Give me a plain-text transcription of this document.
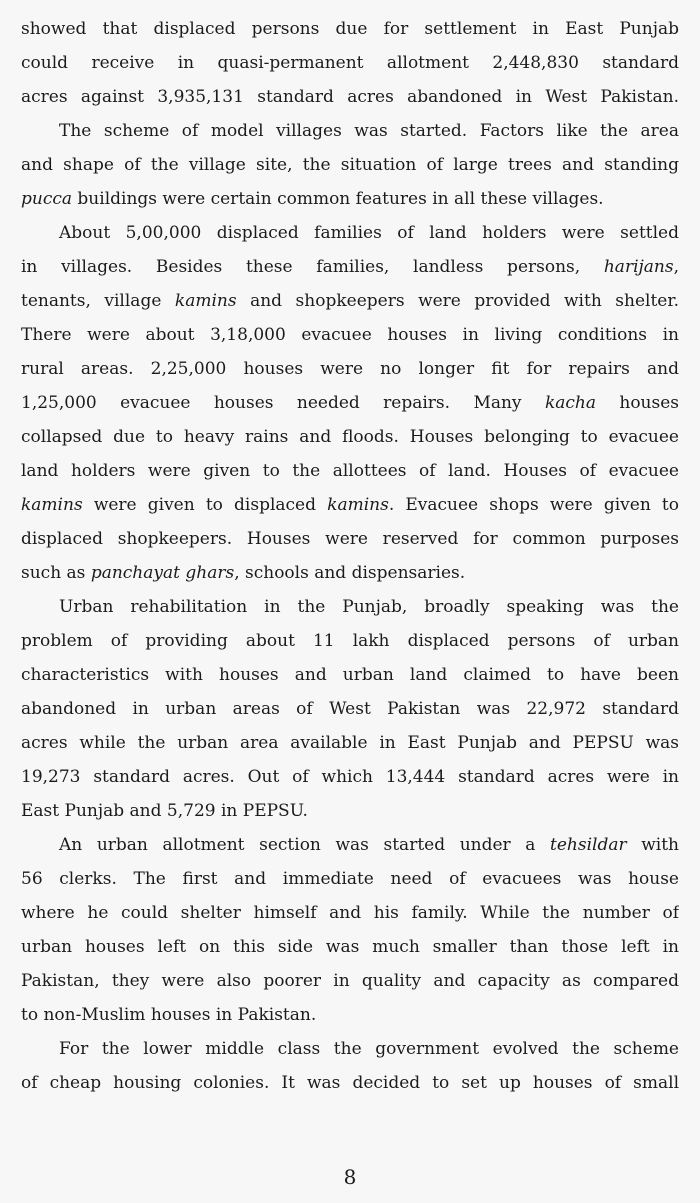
showed that displaced persons due for settlement in East Punjab
could receive in quasi-permanent allotment 2,448,830 standard
acres against 3,935,131 standard acres abandoned in West Pakistan.
The scheme of model villages was started. Factors like the area
and shape of the village site, the situation of large trees and standing
pucca buildings were certain common features in all these villages.
About 5,00,000 displaced families of land holders were settled
in villages. Besides these families, landless persons, harijans,
tenants, village kamins and shopkeepers were provided with shelter.
There were about 3,18,000 evacuee houses in living conditions in
rural areas. 2,25,000 houses were no longer fit for repairs and
1,25,000 evacuee houses needed repairs. Many kacha houses
collapsed due to heavy rains and floods. Houses belonging to evacuee
land holders were given to the allottees of land. Houses of evacuee
kamins were given to displaced kamins. Evacuee shops were given to
displaced shopkeepers. Houses were reserved for common purposes
such as panchayat ghars, schools and dispensaries.
Urban rehabilitation in the Punjab, broadly speaking was the
problem of providing about 11 lakh displaced persons of urban
characteristics with houses and urban land claimed to have been
abandoned in urban areas of West Pakistan was 22,972 standard
acres while the urban area available in East Punjab and PEPSU was
19,273 standard acres. Out of which 13,444 standard acres were in
East Punjab and 5,729 in PEPSU.
An urban allotment section was started under a tehsildar with
56 clerks. The first and immediate need of evacuees was house
where he could shelter himself and his family. While the number of
urban houses left on this side was much smaller than those left in
Pakistan, they were also poorer in quality and capacity as compared
to non-Muslim houses in Pakistan.
For the lower middle class the government evolved the scheme
of cheap housing colonies. It was decided to set up houses of small
8
